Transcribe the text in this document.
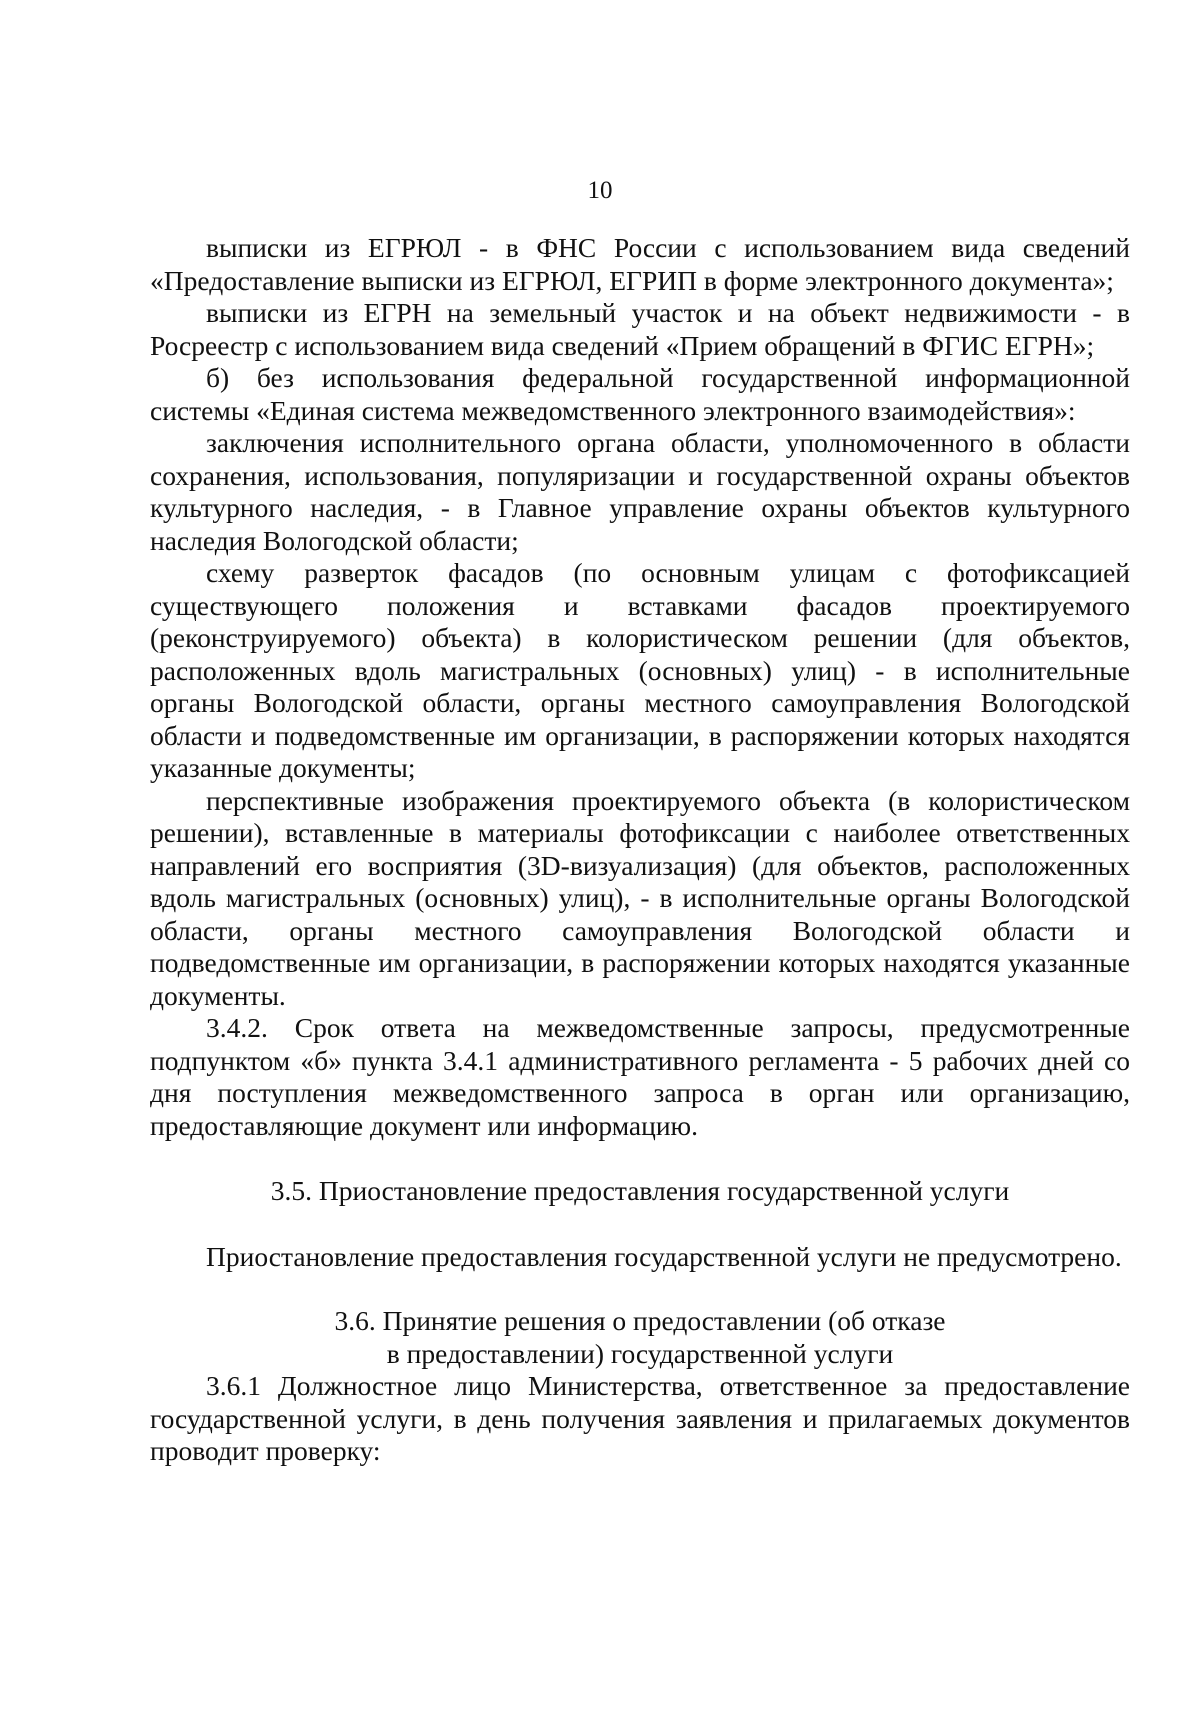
10

выписки из ЕГРЮЛ - в ФНС России с использованием вида сведений «Предоставление выписки из ЕГРЮЛ, ЕГРИП в форме электронного документа»;

выписки из ЕГРН на земельный участок и на объект недвижимости - в Росреестр с использованием вида сведений «Прием обращений в ФГИС ЕГРН»;

б) без использования федеральной государственной информационной системы «Единая система межведомственного электронного взаимодействия»:

заключения исполнительного органа области, уполномоченного в области сохранения, использования, популяризации и государственной охраны объектов культурного наследия, - в Главное управление охраны объектов культурного наследия Вологодской области;

схему разверток фасадов (по основным улицам с фотофиксацией существующего положения и вставками фасадов проектируемого (реконструируемого) объекта) в колористическом решении (для объектов, расположенных вдоль магистральных (основных) улиц) - в исполнительные органы Вологодской области, органы местного самоуправления Вологодской области и подведомственные им организации, в распоряжении которых находятся указанные документы;

перспективные изображения проектируемого объекта (в колористическом решении), вставленные в материалы фотофиксации с наиболее ответственных направлений его восприятия (3D-визуализация) (для объектов, расположенных вдоль магистральных (основных) улиц), - в исполнительные органы Вологодской области, органы местного самоуправления Вологодской области и подведомственные им организации, в распоряжении которых находятся указанные документы.

3.4.2. Срок ответа на межведомственные запросы, предусмотренные подпунктом «б» пункта 3.4.1 административного регламента - 5 рабочих дней со дня поступления межведомственного запроса в орган или организацию, предоставляющие документ или информацию.

3.5. Приостановление предоставления государственной услуги

Приостановление предоставления государственной услуги не предусмотрено.

3.6. Принятие решения о предоставлении (об отказе

в предоставлении) государственной услуги

3.6.1 Должностное лицо Министерства, ответственное за предоставление государственной услуги, в день получения заявления и прилагаемых документов проводит проверку:
